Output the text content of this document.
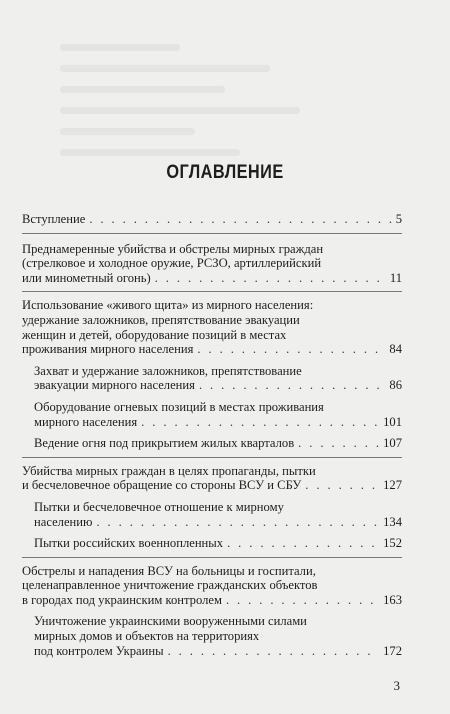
ОГЛАВЛЕНИЕ
Вступление . . .	5
Преднамеренные убийства и обстрелы мирных граждан
(стрелковое и холодное оружие, РСЗО, артиллерийский
или минометный огонь) . . .	11
Использование «живого щита» из мирного населения:
удержание заложников, препятствование эвакуации
женщин и детей, оборудование позиций в местах
проживания мирного населения . . .	84
Захват и удержание заложников, препятствование
эвакуации мирного населения . . .	86
Оборудование огневых позиций в местах проживания
мирного населения . . .	101
Ведение огня под прикрытием жилых кварталов . . .	107
Убийства мирных граждан в целях пропаганды, пытки
и бесчеловечное обращение со стороны ВСУ и СБУ . . .	127
Пытки и бесчеловечное отношение к мирному
населению . . .	134
Пытки российских военнопленных . . .	152
Обстрелы и нападения ВСУ на больницы и госпитали,
целенаправленное уничтожение гражданских объектов
в городах под украинским контролем . . .	163
Уничтожение украинскими вооруженными силами
мирных домов и объектов на территориях
под контролем Украины . . .	172
3
